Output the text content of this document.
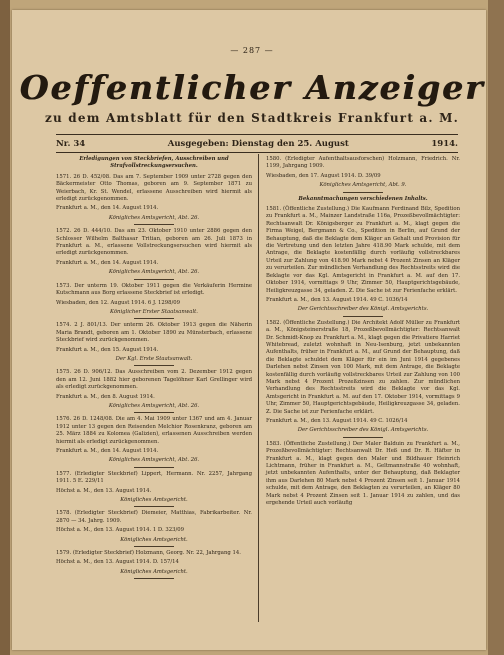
— 287 —
Oeffentlicher Anzeiger
zu dem Amtsblatt für den Stadtkreis Frankfurt a. M.
Nr. 34	Ausgegeben: Dienstag den 25. August	1914.
Erledigungen von Steckbriefen, Ausschreiben und Strafvollstreckungsersuchen.

1571. 26 D. 452/08. Das am 7. September 1909 unter 2728 gegen den Bäckermeister Otto Thomas, geboren am 9. September 1871 zu Weierbach, Kr. St. Wendel, erlassene Ausschreiben wird hiermit als erledigt zurückgenommen.

Frankfurt a. M., den 14. August 1914.

Königliches Amtsgericht, Abt. 26.

1572. 26 D. 444/10. Das am 23. Oktober 1910 unter 2886 gegen den Schlosser Wilhelm Balthasar Tritian, geboren am 26. Juli 1873 in Frankfurt a. M., erlassene Vollstreckungsersuchen wird hiermit als erledigt zurückgenommen.

Frankfurt a. M., den 14. August 1914.

Königliches Amtsgericht, Abt. 26.

1573. Der unterm 19. Oktober 1911 gegen die Verkäuferin Hermine Kutschmann aus Borg erlassene Steckbrief ist erledigt.

Wiesbaden, den 12. August 1914. 6 J. 1298/09

Königlicher Erster Staatsanwalt.

1574. 2 J. 801/13. Der unterm 26. Oktober 1913 gegen die Näherin Maria Brandt, geboren am 1. Oktober 1890 zu Münsterbach, erlassene Steckbrief wird zurückgenommen.

Frankfurt a. M., den 15. August 1914.

Der Kgl. Erste Staatsanwalt.

1575. 26 D. 906/12. Das Ausschreiben vom 2. Dezember 1912 gegen den am 12. Juni 1882 hier geborenen Tagelöhner Karl Grellinger wird als erledigt zurückgenommen.

Frankfurt a. M., den 8. August 1914.

Königliches Amtsgericht, Abt. 26.

1576. 26 D. 1248/08. Die am 4. Mai 1909 unter 1367 und am 4. Januar 1912 unter 13 gegen den Reisenden Melchior Rosenkranz, geboren am 25. März 1884 zu Kolomea (Galizien), erlassenen Ausschreiben werden hiermit als erledigt zurückgenommen.

Frankfurt a. M., den 14. August 1914.

Königliches Amtsgericht, Abt. 26.

1577. (Erledigter Steckbrief) Lippert, Hermann. Nr. 2257, Jahrgang 1911. 5 E. 229/11

Höchst a. M., den 13. August 1914.

Königliches Amtsgericht.

1578. (Erledigter Steckbrief) Diemeier, Matthias, Fabrikarbeiter. Nr. 2870 — 34. Jahrg. 1909.

Höchst a. M., den 13. August 1914. 1 D. 323/09

Königliches Amtsgericht.

1579. (Erledigter Steckbrief) Holzmann, Georg. Nr. 22, Jahrgang 14.

Höchst a. M., den 13. August 1914. D. 157/14

Königliches Amtsgericht.

1580. (Erledigter Aufenthaltsausforschen) Holzmann, Friedrich. Nr. 1199, Jahrgang 1909.

Wiesbaden, den 17. August 1914. D. 39/09

Königliches Amtsgericht, Abt. 9.

Bekanntmachungen verschiedenen Inhalts.

1581. (Öffentliche Zustellung.) Die Kaufmann Ferdinand Bilz, Spedition zu Frankfurt a. M., Mainzer Landstraße 116a, Prozeßbevollmächtigter: Rechtsanwalt Dr. Königsberger zu Frankfurt a. M., klagt gegen die Firma Weigel, Bergmann & Co., Spedition in Berlin, auf Grund der Behauptung, daß die Beklagte dem Kläger an Gehalt und Provision für die Vertretung und den letzten Jahre 418.90 Mark schulde, mit dem Antrage, die Beklagte kostenfällig durch vorläufig vollstreckbares Urteil zur Zahlung von 418.90 Mark nebst 4 Prozent Zinsen an Kläger zu verurteilen. Zur mündlichen Verhandlung des Rechtsstreits wird die Beklagte vor das Kgl. Amtsgericht in Frankfurt a. M. auf den 17. Oktober 1914, vormittags 9 Uhr, Zimmer 50, Hauptgerichtsgebäude, Heiligkreuzgasse 34, geladen. Z. Die Sache ist zur Ferienfache erklärt.

Frankfurt a. M., den 13. August 1914. 49 C. 1036/14

Der Gerichtsschreiber des Königl. Amtsgerichts.

1582. (Öffentliche Zustellung.) Die Architekt Adolf Müller zu Frankfurt a. M., Königsteinerstraße 18, Prozeßbevollmächtigter: Rechtsanwalt Dr. Schmidt-Knop zu Frankfurt a. M., klagt gegen die Privatiere Harriet Whitebread, zuletzt wohnhaft in Neu-Isenburg, jetzt unbekannten Aufenthalts, früher in Frankfurt a. M., auf Grund der Behauptung, daß die Beklagte schuldet dem Kläger für ein im Juni 1914 gegebenes Darlehen nebst Zinsen von 100 Mark, mit dem Antrage, die Beklagte kostenfällig durch vorläufig vollstreckbares Urteil zur Zahlung von 100 Mark nebst 4 Prozent Prozeßzinsen zu zahlen. Zur mündlichen Verhandlung des Rechtsstreits wird die Beklagte vor das Kgl. Amtsgericht in Frankfurt a. M. auf den 17. Oktober 1914, vormittags 9 Uhr, Zimmer 50, Hauptgerichtsgebäude, Heiligkreuzgasse 34, geladen. Z. Die Sache ist zur Ferienfache erklärt.

Frankfurt a. M., den 13. August 1914. 49 C. 1026/14

Der Gerichtsschreiber des Königl. Amtsgerichts.

1583. (Öffentliche Zustellung.) Der Maler Balduin zu Frankfurt a. M., Prozeßbevollmächtigter: Rechtsanwalt Dr. Heß und Dr. R. Häfter in Frankfurt a. M., klagt gegen den Maler und Bildhauer Heinrich Lichtmann, früher in Frankfurt a. M., Geltmannstraße 40 wohnhaft, jetzt unbekannten Aufenthalts, unter der Behauptung, daß Beklagter ihm aus Darlehen 80 Mark nebst 4 Prozent Zinsen seit 1. Januar 1914 schulde, mit dem Antrage, den Beklagten zu verurteilen, an Kläger 80 Mark nebst 4 Prozent Zinsen seit 1. Januar 1914 zu zahlen, und das ergehende Urteil auch vorläufig
